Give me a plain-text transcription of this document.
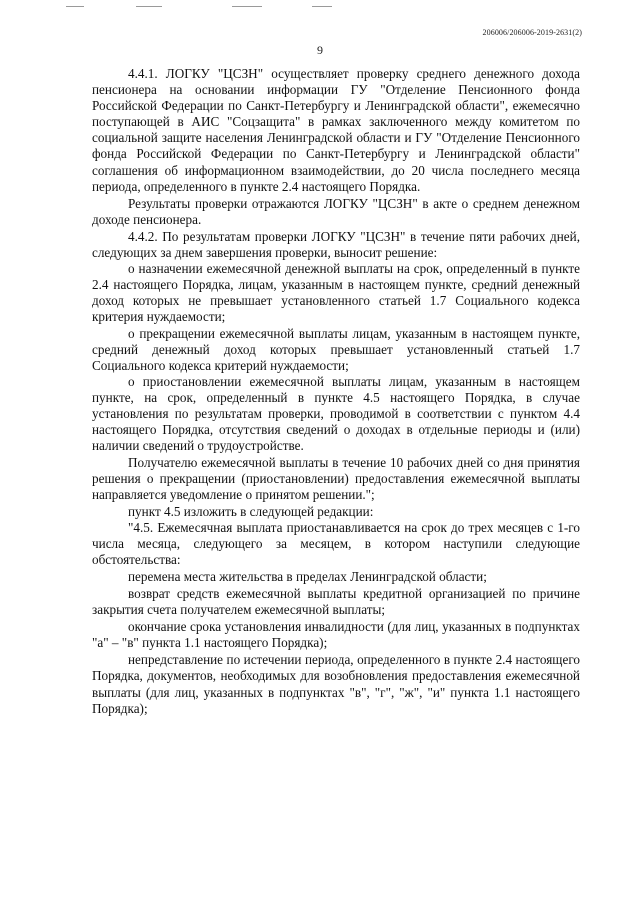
206006/206006-2019-2631(2)
9

4.4.1. ЛОГКУ "ЦСЗН" осуществляет проверку среднего денежного дохода пенсионера на основании информации ГУ "Отделение Пенсионного фонда Российской Федерации по Санкт-Петербургу и Ленинградской области", ежемесячно поступающей в АИС "Соцзащита" в рамках заключенного между комитетом по социальной защите населения Ленинградской области и ГУ "Отделение Пенсионного фонда Российской Федерации по Санкт-Петербургу и Ленинградской области" соглашения об информационном взаимодействии, до 20 числа последнего месяца периода, определенного в пункте 2.4 настоящего Порядка.

Результаты проверки отражаются ЛОГКУ "ЦСЗН" в акте о среднем денежном доходе пенсионера.

4.4.2. По результатам проверки ЛОГКУ "ЦСЗН" в течение пяти рабочих дней, следующих за днем завершения проверки, выносит решение:

о назначении ежемесячной денежной выплаты на срок, определенный в пункте 2.4 настоящего Порядка, лицам, указанным в настоящем пункте, средний денежный доход которых не превышает установленного статьей 1.7 Социального кодекса критерия нуждаемости;

о прекращении ежемесячной выплаты лицам, указанным в настоящем пункте, средний денежный доход которых превышает установленный статьей 1.7 Социального кодекса критерий нуждаемости;

о приостановлении ежемесячной выплаты лицам, указанным в настоящем пункте, на срок, определенный в пункте 4.5 настоящего Порядка, в случае установления по результатам проверки, проводимой в соответствии с пунктом 4.4 настоящего Порядка, отсутствия сведений о доходах в отдельные периоды и (или) наличии сведений о трудоустройстве.

Получателю ежемесячной выплаты в течение 10 рабочих дней со дня принятия решения о прекращении (приостановлении) предоставления ежемесячной выплаты направляется уведомление о принятом решении.";

пункт 4.5 изложить в следующей редакции:

"4.5. Ежемесячная выплата приостанавливается на срок до трех месяцев с 1-го числа месяца, следующего за месяцем, в котором наступили следующие обстоятельства:

перемена места жительства в пределах Ленинградской области;

возврат средств ежемесячной выплаты кредитной организацией по причине закрытия счета получателем ежемесячной выплаты;

окончание срока установления инвалидности (для лиц, указанных в подпунктах "а" – "в" пункта 1.1 настоящего Порядка);

непредставление по истечении периода, определенного в пункте 2.4 настоящего Порядка, документов, необходимых для возобновления предоставления ежемесячной выплаты (для лиц, указанных в подпунктах "в", "г", "ж", "и" пункта 1.1 настоящего Порядка);
